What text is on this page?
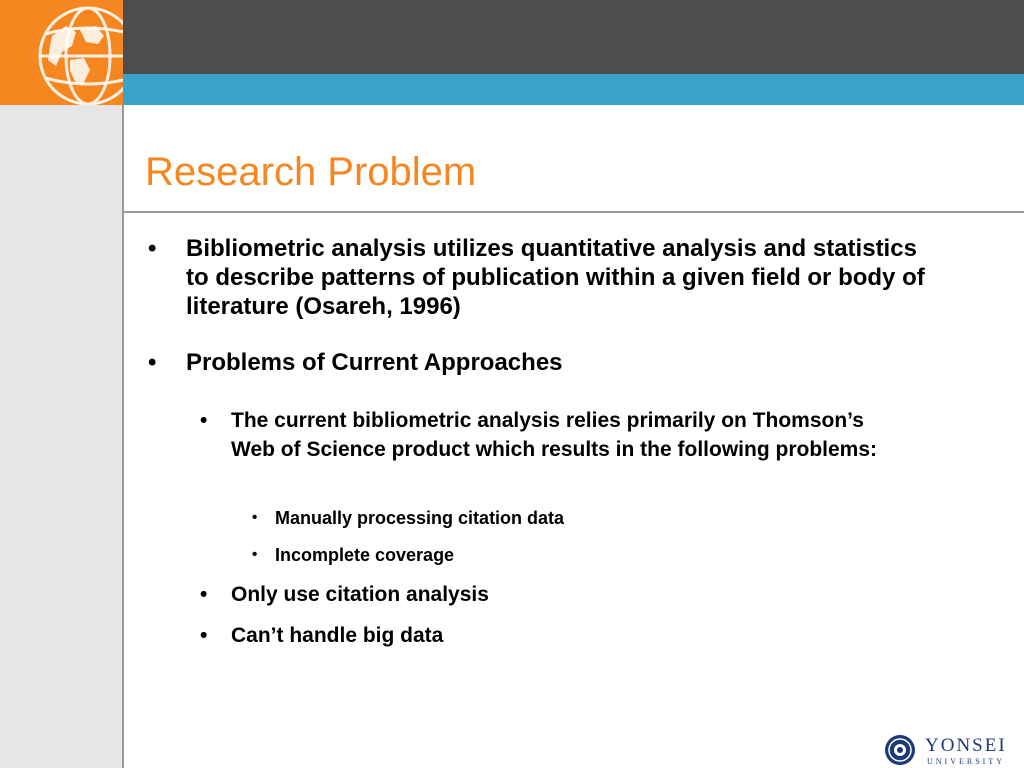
Research Problem
•	Bibliometric analysis utilizes quantitative analysis and statistics to describe patterns of publication within a given field or body of literature (Osareh, 1996)
•	Problems of Current Approaches
•	The current bibliometric analysis relies primarily on Thomson’s Web of Science product which results in the following problems:
• Manually processing citation data
• Incomplete coverage
•	Only use citation analysis
•	Can’t handle big data
YONSEI
UNIVERSITY
